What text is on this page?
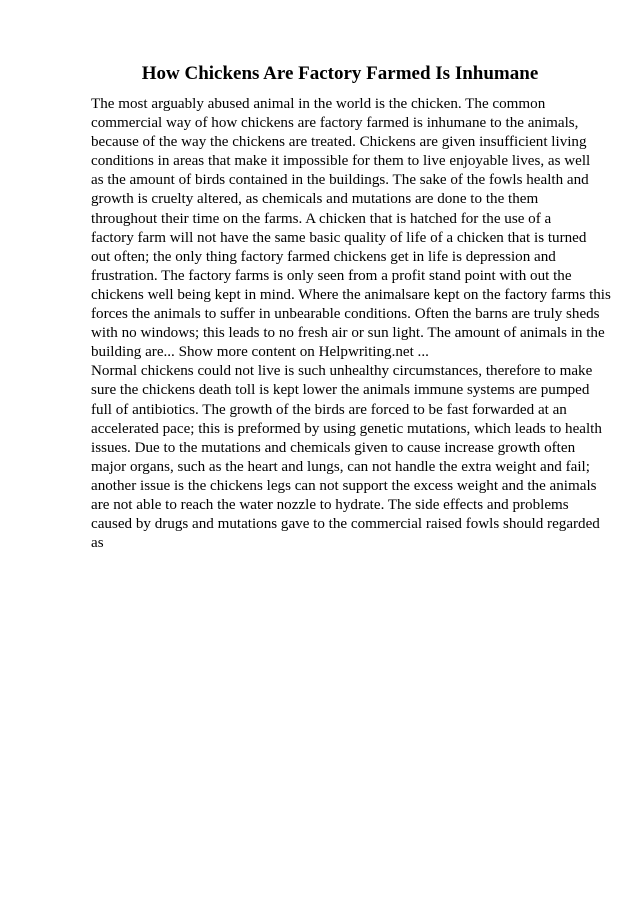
How Chickens Are Factory Farmed Is Inhumane
The most arguably abused animal in the world is the chicken. The common
commercial way of how chickens are factory farmed is inhumane to the animals,
because of the way the chickens are treated. Chickens are given insufficient living
conditions in areas that make it impossible for them to live enjoyable lives, as well
as the amount of birds contained in the buildings. The sake of the fowls health and
growth is cruelty altered, as chemicals and mutations are done to the them
throughout their time on the farms. A chicken that is hatched for the use of a
factory farm will not have the same basic quality of life of a chicken that is turned
out often; the only thing factory farmed chickens get in life is depression and
frustration. The factory farms is only seen from a profit stand point with out the
chickens well being kept in mind. Where the animalsare kept on the factory farms this
forces the animals to suffer in unbearable conditions. Often the barns are truly sheds
with no windows; this leads to no fresh air or sun light. The amount of animals in the
building are... Show more content on Helpwriting.net ...
Normal chickens could not live is such unhealthy circumstances, therefore to make
sure the chickens death toll is kept lower the animals immune systems are pumped
full of antibiotics. The growth of the birds are forced to be fast forwarded at an
accelerated pace; this is preformed by using genetic mutations, which leads to health
issues. Due to the mutations and chemicals given to cause increase growth often
major organs, such as the heart and lungs, can not handle the extra weight and fail;
another issue is the chickens legs can not support the excess weight and the animals
are not able to reach the water nozzle to hydrate. The side effects and problems
caused by drugs and mutations gave to the commercial raised fowls should regarded
as
